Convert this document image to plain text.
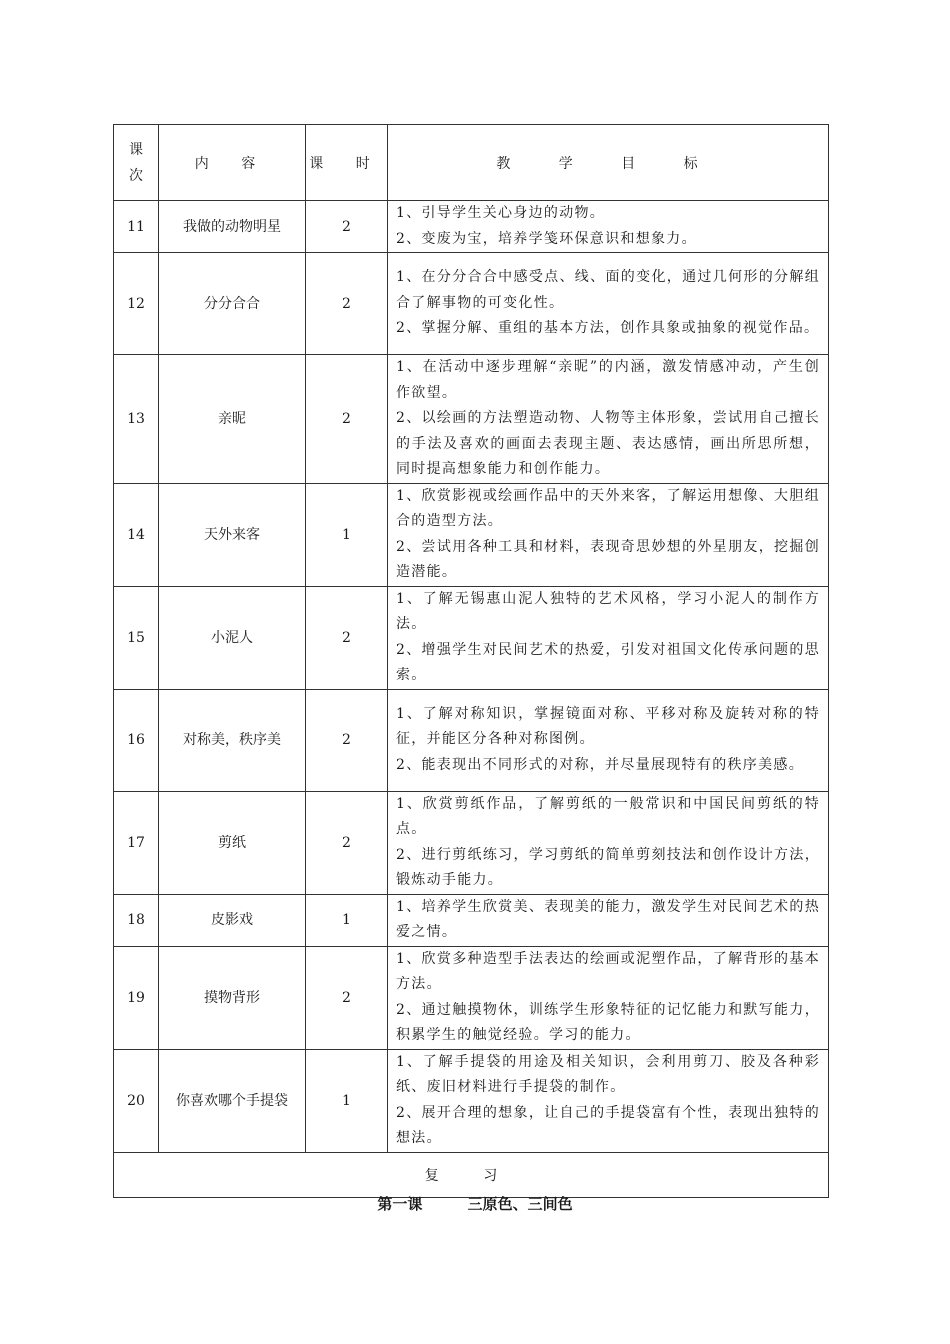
课次	内 容	课 时	教 学 目 标
11	我做的动物明星	2	1、引导学生关心身边的动物。
2、变废为宝，培养学笺环保意识和想象力。

12	分分合合	2	1、在分分合合中感受点、线、面的变化，通过几何形的分解组合了解事物的可变化性。
2、掌握分解、重组的基本方法，创作具象或抽象的视觉作品。

13	亲昵	2	1、在活动中逐步理解“亲昵”的内涵，激发情感冲动，产生创作欲望。
2、以绘画的方法塑造动物、人物等主体形象，尝试用自己擅长的手法及喜欢的画面去表现主题、表达感情，画出所思所想，同时提高想象能力和创作能力。

14	天外来客	1	1、欣赏影视或绘画作品中的天外来客，了解运用想像、大胆组合的造型方法。
2、尝试用各种工具和材料，表现奇思妙想的外星朋友，挖掘创造潜能。

15	小泥人	2	1、了解无锡惠山泥人独特的艺术风格，学习小泥人的制作方法。
2、增强学生对民间艺术的热爱，引发对祖国文化传承问题的思索。

16	对称美，秩序美	2	1、了解对称知识，掌握镜面对称、平移对称及旋转对称的特征，并能区分各种对称图例。
2、能表现出不同形式的对称，并尽量展现特有的秩序美感。

17	剪纸	2	1、欣赏剪纸作品，了解剪纸的一般常识和中国民间剪纸的特点。
2、进行剪纸练习，学习剪纸的简单剪刻技法和创作设计方法，锻炼动手能力。

18	皮影戏	1	1、培养学生欣赏美、表现美的能力，激发学生对民间艺术的热爱之情。

19	摸物背形	2	1、欣赏多种造型手法表达的绘画或泥塑作品，了解背形的基本方法。
2、通过触摸物休，训练学生形象特征的记忆能力和默写能力，积累学生的触觉经验。学习的能力。

20	你喜欢哪个手提袋	1	1、了解手提袋的用途及相关知识，会利用剪刀、胶及各种彩纸、废旧材料进行手提袋的制作。
2、展开合理的想象，让自己的手提袋富有个性，表现出独特的想法。

复 习			
第一课	三原色、三间色
